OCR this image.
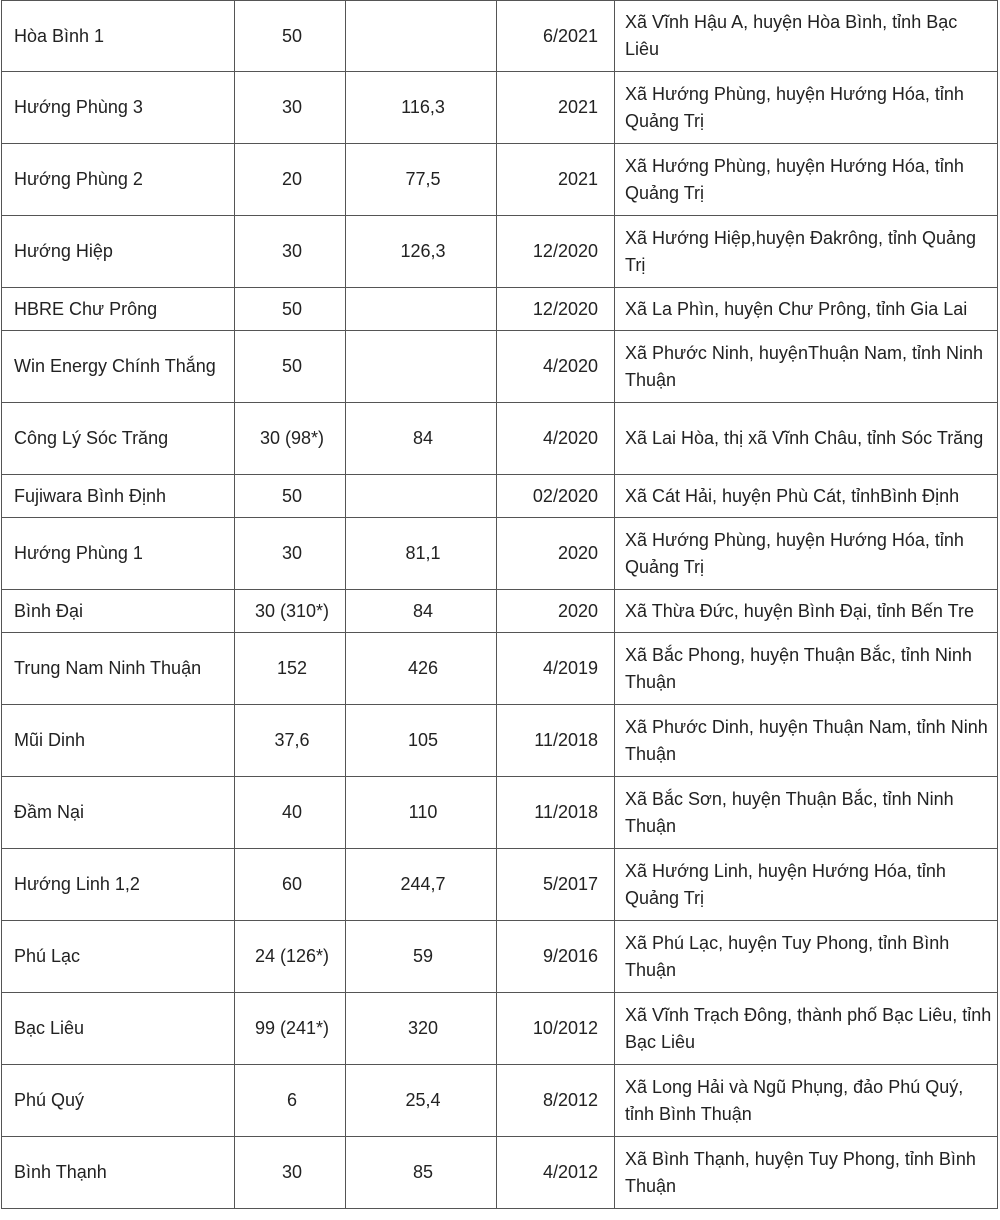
Hòa Bình 1	50		6/2021	Xã Vĩnh Hậu A, huyện Hòa Bình, tỉnh Bạc Liêu
Hướng Phùng 3	30	116,3	2021	Xã Hướng Phùng, huyện Hướng Hóa, tỉnh Quảng Trị
Hướng Phùng 2	20	77,5	2021	Xã Hướng Phùng, huyện Hướng Hóa, tỉnh Quảng Trị
Hướng Hiệp	30	126,3	12/2020	Xã Hướng Hiệp,huyện Đakrông, tỉnh Quảng Trị
HBRE Chư Prông	50		12/2020	Xã La Phìn, huyện Chư Prông, tỉnh Gia Lai
Win Energy Chính Thắng	50		4/2020	Xã Phước Ninh, huyệnThuận Nam, tỉnh Ninh Thuận
Công Lý Sóc Trăng	30 (98*)	84	4/2020	Xã Lai Hòa, thị xã Vĩnh Châu, tỉnh Sóc Trăng
Fujiwara Bình Định	50		02/2020	Xã Cát Hải, huyện Phù Cát, tỉnhBình Định
Hướng Phùng 1	30	81,1	2020	Xã Hướng Phùng, huyện Hướng Hóa, tỉnh Quảng Trị
Bình Đại	30 (310*)	84	2020	Xã Thừa Đức, huyện Bình Đại, tỉnh Bến Tre
Trung Nam Ninh Thuận	152	426	4/2019	Xã Bắc Phong, huyện Thuận Bắc, tỉnh Ninh Thuận
Mũi Dinh	37,6	105	11/2018	Xã Phước Dinh, huyện Thuận Nam, tỉnh Ninh Thuận
Đầm Nại	40	110	11/2018	Xã Bắc Sơn, huyện Thuận Bắc, tỉnh Ninh Thuận
Hướng Linh 1,2	60	244,7	5/2017	Xã Hướng Linh, huyện Hướng Hóa, tỉnh Quảng Trị
Phú Lạc	24 (126*)	59	9/2016	Xã Phú Lạc, huyện Tuy Phong, tỉnh Bình Thuận
Bạc Liêu	99 (241*)	320	10/2012	Xã Vĩnh Trạch Đông, thành phố Bạc Liêu, tỉnh Bạc Liêu
Phú Quý	6	25,4	8/2012	Xã Long Hải và Ngũ Phụng, đảo Phú Quý, tỉnh Bình Thuận
Bình Thạnh	30	85	4/2012	Xã Bình Thạnh, huyện Tuy Phong, tỉnh Bình Thuận
